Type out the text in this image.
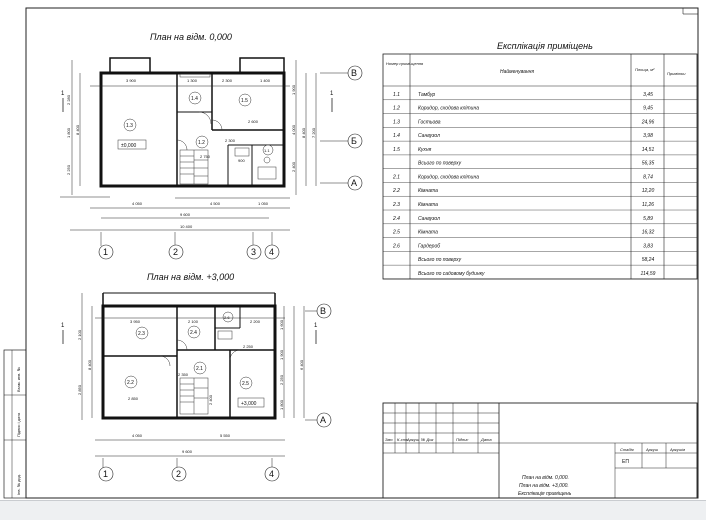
Взам. инв. №
Підпис і дата
Інв. № дод.
План на відм. 0,000
1.3
1.4	1.5
1.2
1.1
±0,000
3 900	1 300	2 300	1 400
4 050	4 500	1 050
9 600
10 400
2 280
2 250
1 800 8 400
1 900
4 000
2 400
8 400 7 200
2 600
2 750
2 300
900
1	1
1	2	3 4
В
Б
А
План на відм. +3,000
2.3	2.4
2.6
2.2
2.1
2.5
+3,000
3 950	2 100	2 200
4 050	5 550
9 600
2 100
2 850
8 400
1 600
1 900
2 250
1 800
6 400
2 850
2 350
2 250
2 400
1	1
1	2	4
В
А
Експлікація приміщень
Номер примі-щення
Найменування	Площа, м²
Примітки
1.1	Тамбур	3,45
1.2	Коридор, сходова клітина	9,45
1.3	Гостьова	24,96
1.4	Санвузол	3,98
1.5	Кухня	14,51
Всього по поверху	56,35
2.1	Коридор, сходова клітина	8,74
2.2	Кімната	12,20
2.3	Кімната	11,26
2.4	Санвузол	5,89
2.5	Кімната	16,32
2.6	Гардероб	3,83
Всього по поверху	58,24
Всього по садовому будинку	114,59
Змн. К-сть
Аркуш № Док	Підпис	Дата
Стадія	Аркуш	Аркушів
ЕП
План на відм. 0,000.
План на відм. +3,000.
Експлікація приміщень
